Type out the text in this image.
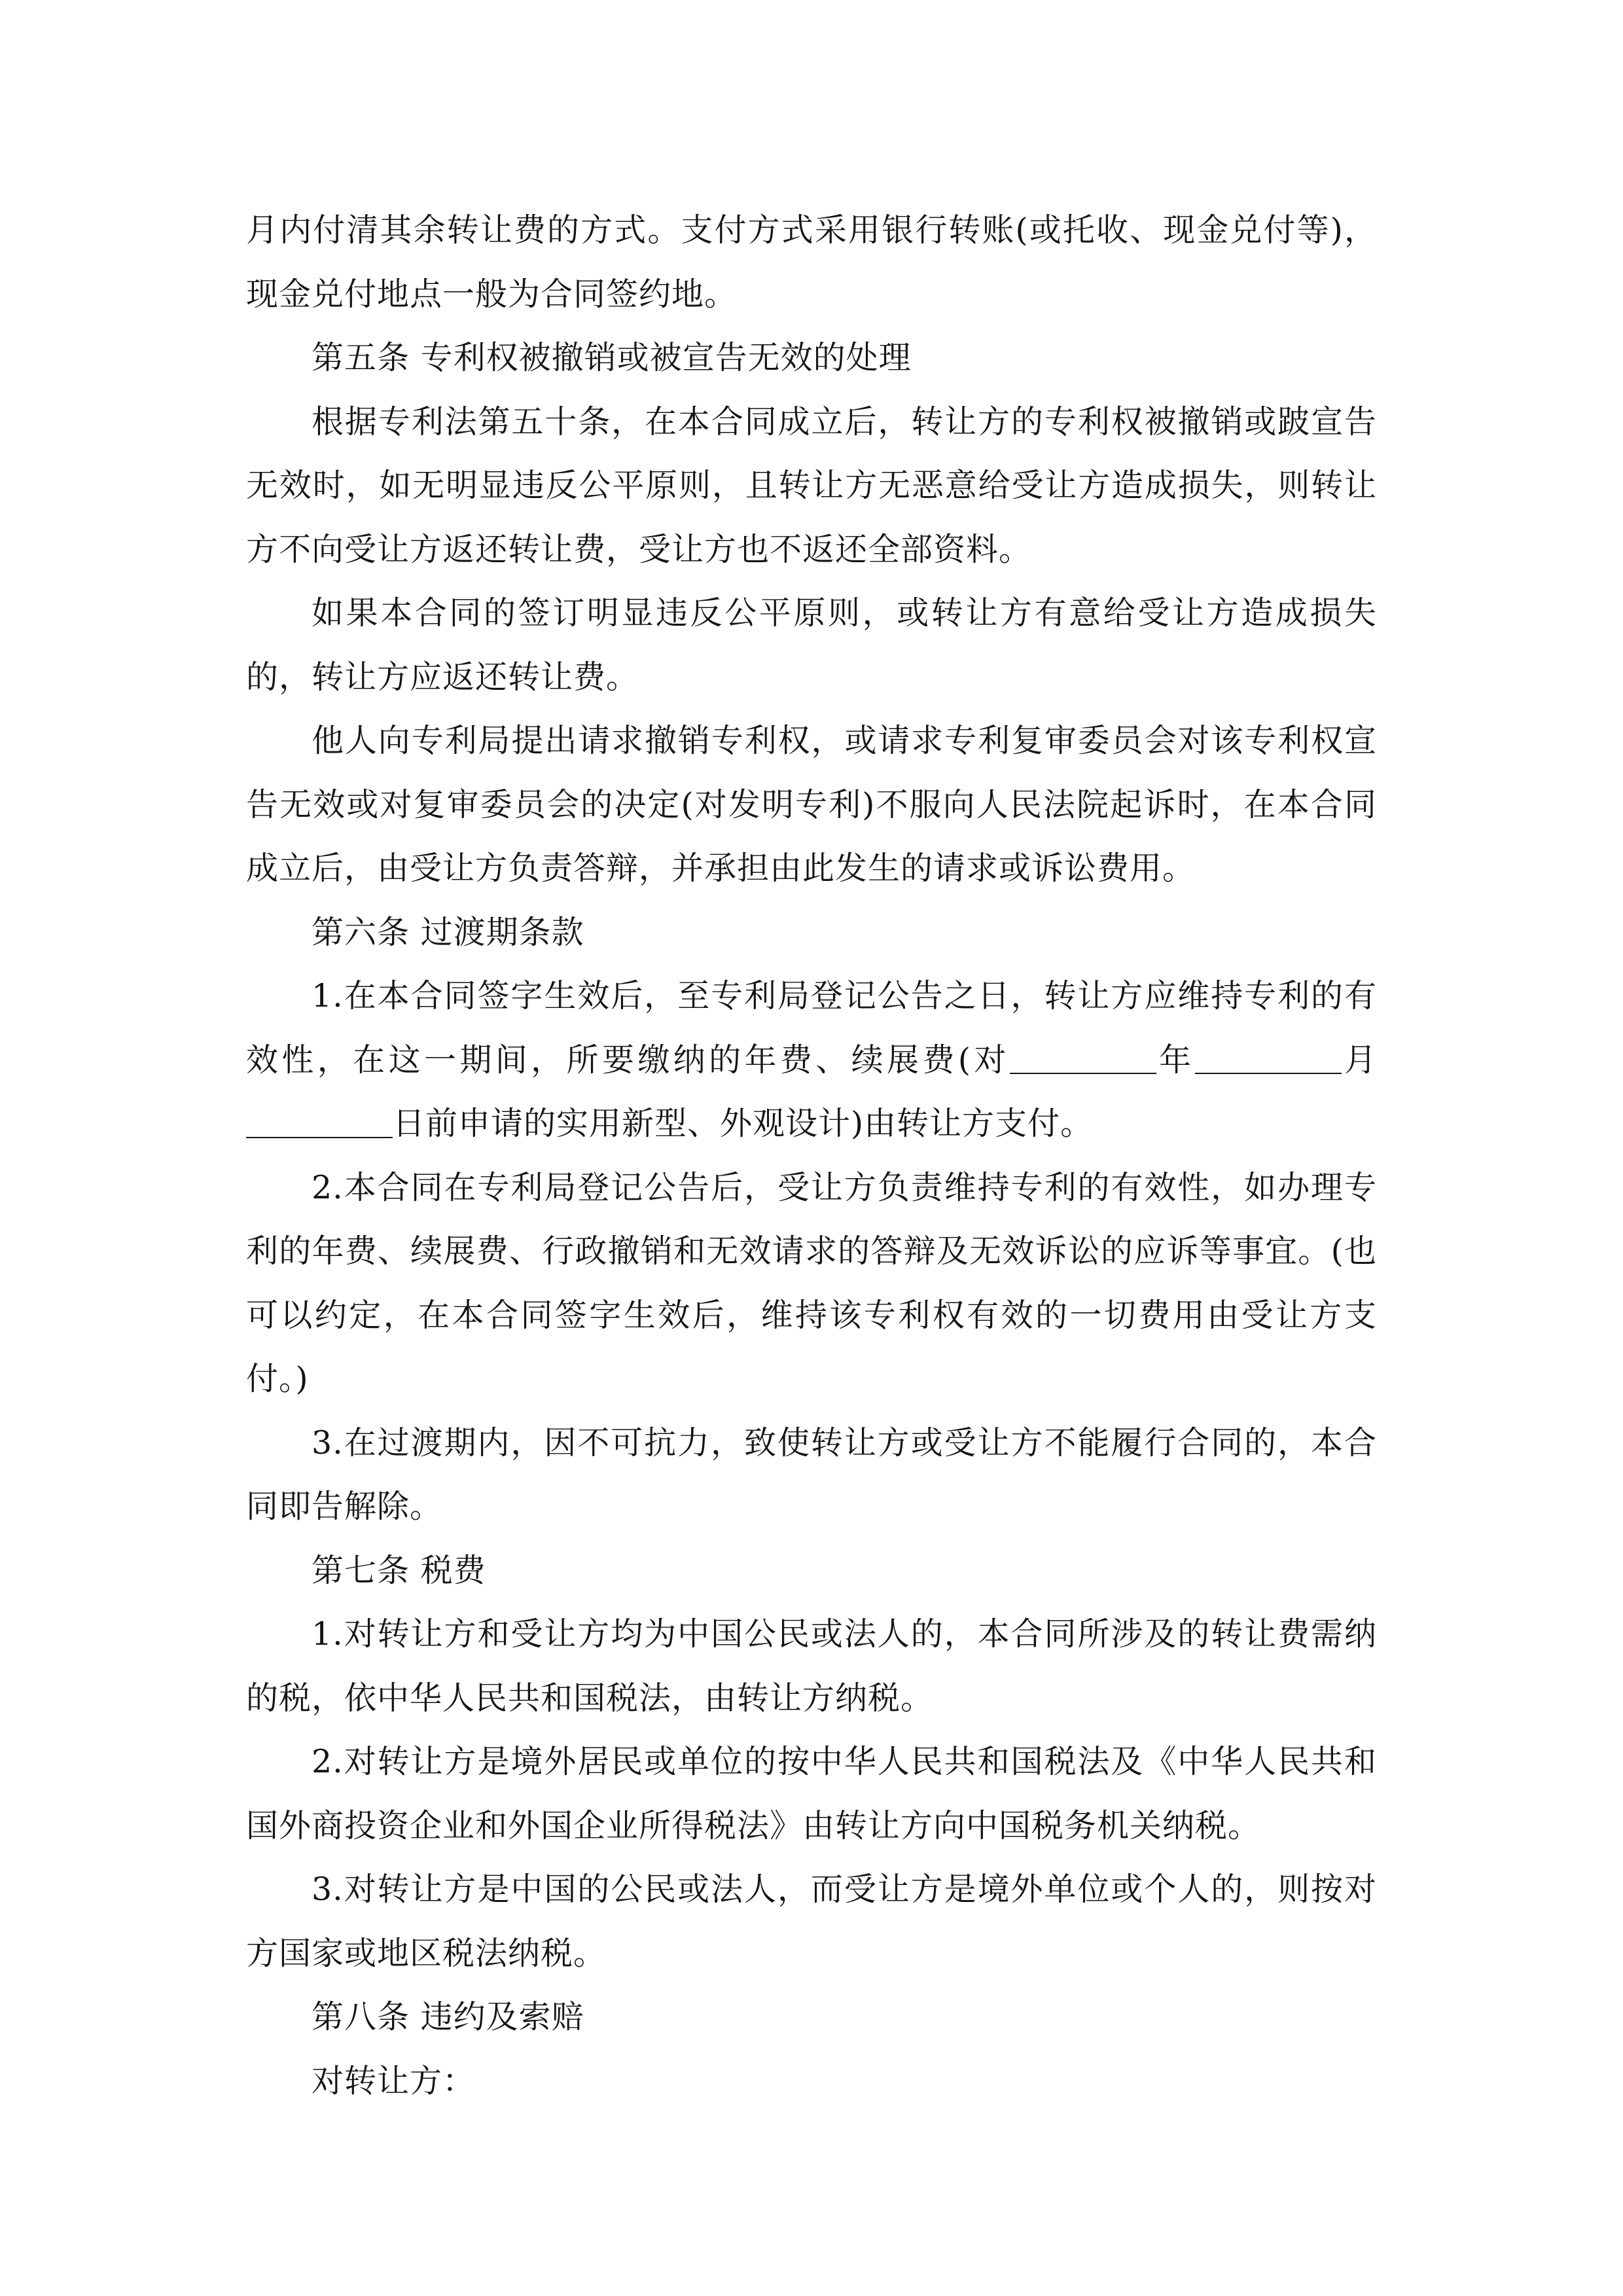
月内付清其余转让费的方式。支付方式采用银行转账(或托收、现金兑付等)，现金兑付地点一般为合同签约地。

第五条 专利权被撤销或被宣告无效的处理

根据专利法第五十条，在本合同成立后，转让方的专利权被撤销或跛宣告无效时，如无明显违反公平原则，且转让方无恶意给受让方造成损失，则转让方不向受让方返还转让费，受让方也不返还全部资料。

如果本合同的签订明显违反公平原则，或转让方有意给受让方造成损失的，转让方应返还转让费。

他人向专利局提出请求撤销专利权，或请求专利复审委员会对该专利权宣告无效或对复审委员会的决定(对发明专利)不服向人民法院起诉时，在本合同成立后，由受让方负责答辩，并承担由此发生的请求或诉讼费用。

第六条 过渡期条款

1.在本合同签字生效后，至专利局登记公告之日，转让方应维持专利的有效性，在这一期间，所要缴纳的年费、续展费(对	年	月日前申请的实用新型、外观设计)由转让方支付。

2.本合同在专利局登记公告后，受让方负责维持专利的有效性，如办理专利的年费、续展费、行政撤销和无效请求的答辩及无效诉讼的应诉等事宜。(也可以约定，在本合同签字生效后，维持该专利权有效的一切费用由受让方支付。)

3.在过渡期内，因不可抗力，致使转让方或受让方不能履行合同的，本合同即告解除。

第七条 税费

1.对转让方和受让方均为中国公民或法人的，本合同所涉及的转让费需纳的税，依中华人民共和国税法，由转让方纳税。

2.对转让方是境外居民或单位的按中华人民共和国税法及《中华人民共和国外商投资企业和外国企业所得税法》由转让方向中国税务机关纳税。

3.对转让方是中国的公民或法人，而受让方是境外单位或个人的，则按对方国家或地区税法纳税。

第八条 违约及索赔

对转让方：
